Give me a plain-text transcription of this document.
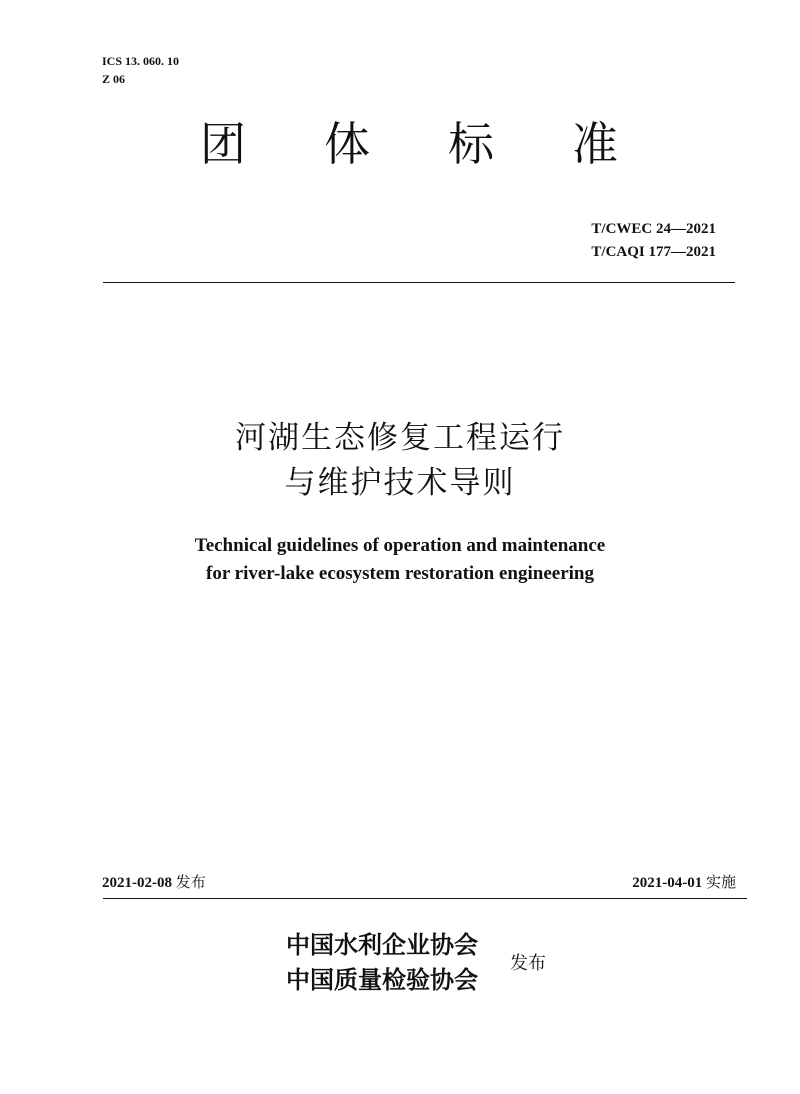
ICS 13. 060. 10
Z 06
团体标准
T/CWEC 24—2021
T/CAQI 177—2021
河湖生态修复工程运行
与维护技术导则
Technical guidelines of operation and maintenance
for river-lake ecosystem restoration engineering
2021-02-08 发布	2021-04-01 实施
中国水利企业协会
中国质量检验协会
发布
